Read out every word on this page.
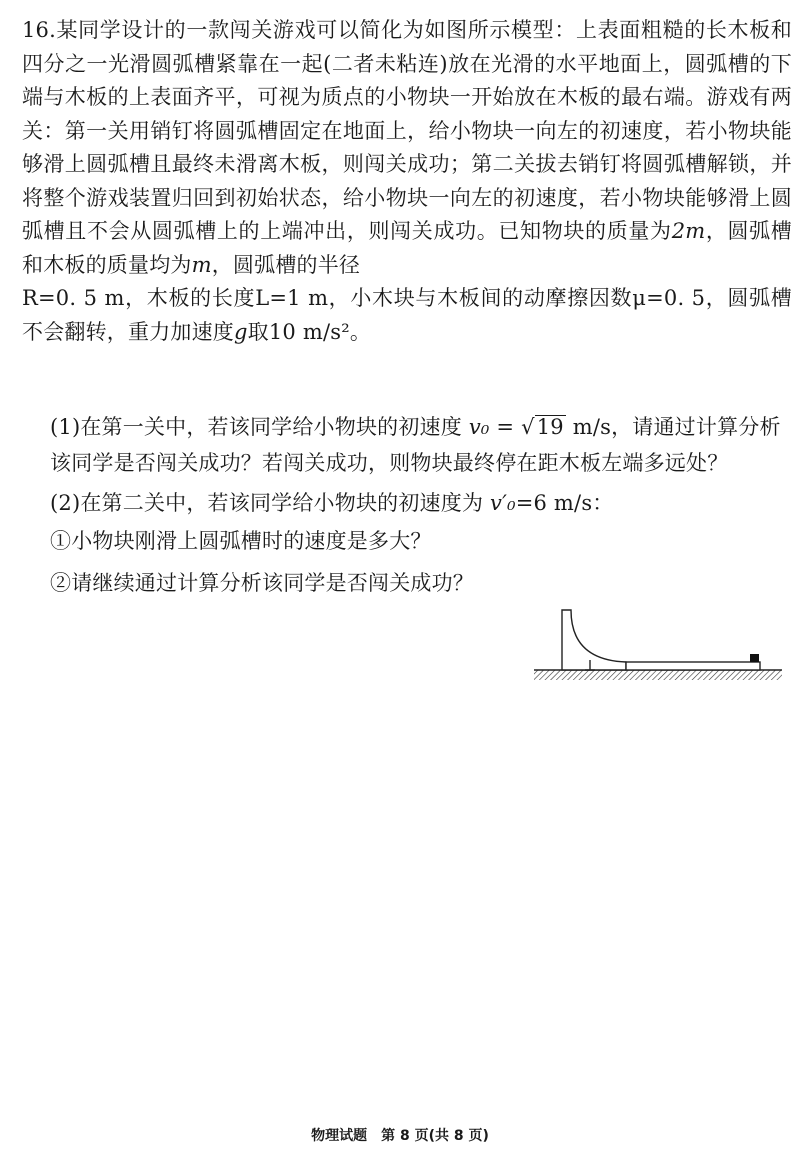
16.某同学设计的一款闯关游戏可以简化为如图所示模型：上表面粗糙的长木板和四分之一光滑圆弧槽紧靠在一起(二者未粘连)放在光滑的水平地面上，圆弧槽的下端与木板的上表面齐平，可视为质点的小物块一开始放在木板的最右端。游戏有两关：第一关用销钉将圆弧槽固定在地面上，给小物块一向左的初速度，若小物块能够滑上圆弧槽且最终未滑离木板，则闯关成功；第二关拔去销钉将圆弧槽解锁，并将整个游戏装置归回到初始状态，给小物块一向左的初速度，若小物块能够滑上圆弧槽且不会从圆弧槽上的上端冲出，则闯关成功。已知物块的质量为2m，圆弧槽和木板的质量均为m，圆弧槽的半径
R=0. 5 m，木板的长度L=1 m，小木块与木板间的动摩擦因数μ=0. 5，圆弧槽不会翻转，重力加速度g取10 m/s²。
(1)在第一关中，若该同学给小物块的初速度 v₀ = √19 m/s，请通过计算分析
该同学是否闯关成功？若闯关成功，则物块最终停在距木板左端多远处？
(2)在第二关中，若该同学给小物块的初速度为 v′₀=6 m/s：
①小物块刚滑上圆弧槽时的速度是多大？
②请继续通过计算分析该同学是否闯关成功？
物理试题　第 8 页(共 8 页)
